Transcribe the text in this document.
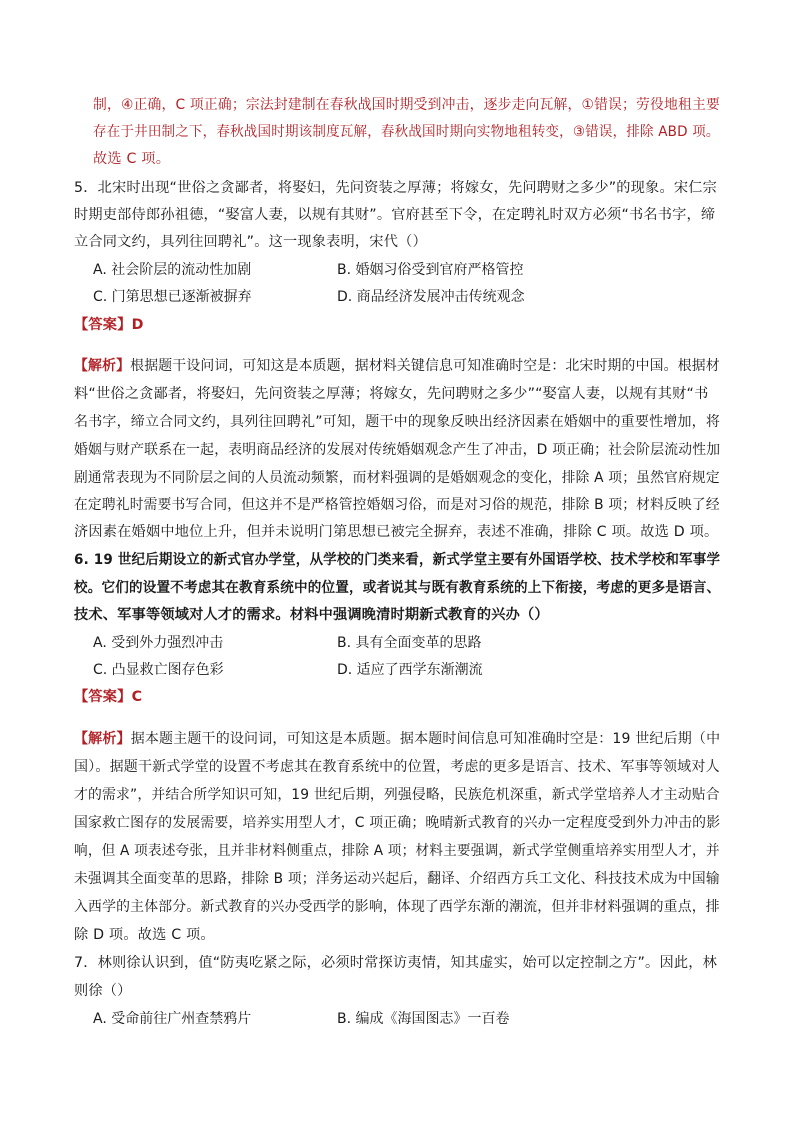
制，④正确，C 项正确；宗法封建制在春秋战国时期受到冲击，逐步走向瓦解，①错误；劳役地租主要
存在于井田制之下，春秋战国时期该制度瓦解，春秋战国时期向实物地租转变，③错误，排除 ABD 项。
故选 C 项。
5．北宋时出现“世俗之贪鄙者，将娶妇，先问资装之厚薄；将嫁女，先问聘财之多少”的现象。宋仁宗
时期吏部侍郎孙祖德，“娶富人妻，以规有其财”。官府甚至下令，在定聘礼时双方必须“书名书字，缔
立合同文约，具列往回聘礼”。这一现象表明，宋代（）
A. 社会阶层的流动性加剧	B. 婚姻习俗受到官府严格管控
C. 门第思想已逐渐被摒弃	D. 商品经济发展冲击传统观念
【答案】D
【解析】根据题干设问词，可知这是本质题，据材料关键信息可知准确时空是：北宋时期的中国。根据材
料“世俗之贪鄙者，将娶妇，先问资装之厚薄；将嫁女，先问聘财之多少”“娶富人妻，以规有其财“书
名书字，缔立合同文约，具列往回聘礼”可知，题干中的现象反映出经济因素在婚姻中的重要性增加，将
婚姻与财产联系在一起，表明商品经济的发展对传统婚姻观念产生了冲击，D 项正确；社会阶层流动性加
剧通常表现为不同阶层之间的人员流动频繁，而材料强调的是婚姻观念的变化，排除 A 项；虽然官府规定
在定聘礼时需要书写合同，但这并不是严格管控婚姻习俗，而是对习俗的规范，排除 B 项；材料反映了经
济因素在婚姻中地位上升，但并未说明门第思想已被完全摒弃，表述不准确，排除 C 项。故选 D 项。
6. 19 世纪后期设立的新式官办学堂，从学校的门类来看，新式学堂主要有外国语学校、技术学校和军事学
校。它们的设置不考虑其在教育系统中的位置，或者说其与既有教育系统的上下衔接，考虑的更多是语言、
技术、军事等领域对人才的需求。材料中强调晚清时期新式教育的兴办（）
A. 受到外力强烈冲击	B. 具有全面变革的思路
C. 凸显救亡图存色彩	D. 适应了西学东渐潮流
【答案】C
【解析】据本题主题干的设问词，可知这是本质题。据本题时间信息可知准确时空是：19 世纪后期（中
国）。据题干新式学堂的设置不考虑其在教育系统中的位置，考虑的更多是语言、技术、军事等领域对人
才的需求”，并结合所学知识可知，19 世纪后期，列强侵略，民族危机深重，新式学堂培养人才主动贴合
国家救亡图存的发展需要，培养实用型人才，C 项正确；晚晴新式教育的兴办一定程度受到外力冲击的影
响，但 A 项表述夸张，且并非材料侧重点，排除 A 项；材料主要强调，新式学堂侧重培养实用型人才，并
未强调其全面变革的思路，排除 B 项；洋务运动兴起后，翻译、介绍西方兵工文化、科技技术成为中国输
入西学的主体部分。新式教育的兴办受西学的影响，体现了西学东渐的潮流，但并非材料强调的重点，排
除 D 项。故选 C 项。
7．林则徐认识到，值“防夷吃紧之际，必须时常探访夷情，知其虚实，始可以定控制之方”。因此，林
则徐（）
A. 受命前往广州查禁鸦片	B. 编成《海国图志》一百卷
